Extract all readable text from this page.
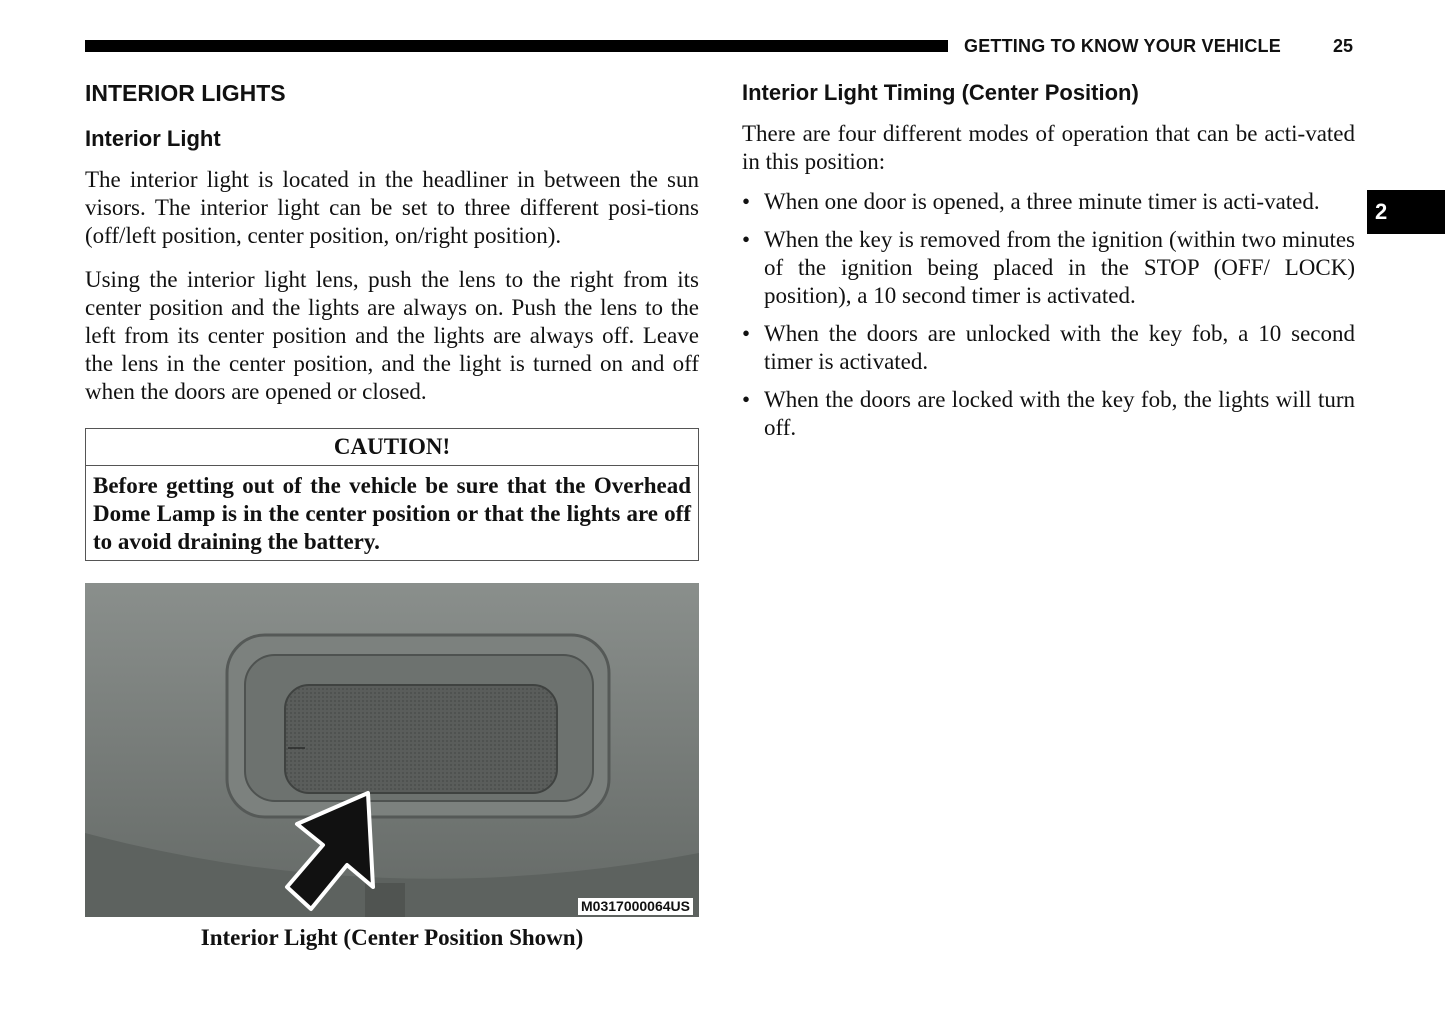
GETTING TO KNOW YOUR VEHICLE	25
2
INTERIOR LIGHTS
Interior Light

The interior light is located in the headliner in between the sun visors. The interior light can be set to three different posi-tions (off/left position, center position, on/right position).

Using the interior light lens, push the lens to the right from its center position and the lights are always on. Push the lens to the left from its center position and the lights are always off. Leave the lens in the center position, and the light is turned on and off when the doors are opened or closed.

CAUTION!
Before getting out of the vehicle be sure that the Overhead Dome Lamp is in the center position or that the lights are off to avoid draining the battery.
M0317000064US
Interior Light (Center Position Shown)
Interior Light Timing (Center Position)

There are four different modes of operation that can be acti-vated in this position:

• When one door is opened, a three minute timer is acti-vated.
• When the key is removed from the ignition (within two minutes of the ignition being placed in the STOP (OFF/ LOCK) position), a 10 second timer is activated.
• When the doors are unlocked with the key fob, a 10 second timer is activated.
• When the doors are locked with the key fob, the lights will turn off.
